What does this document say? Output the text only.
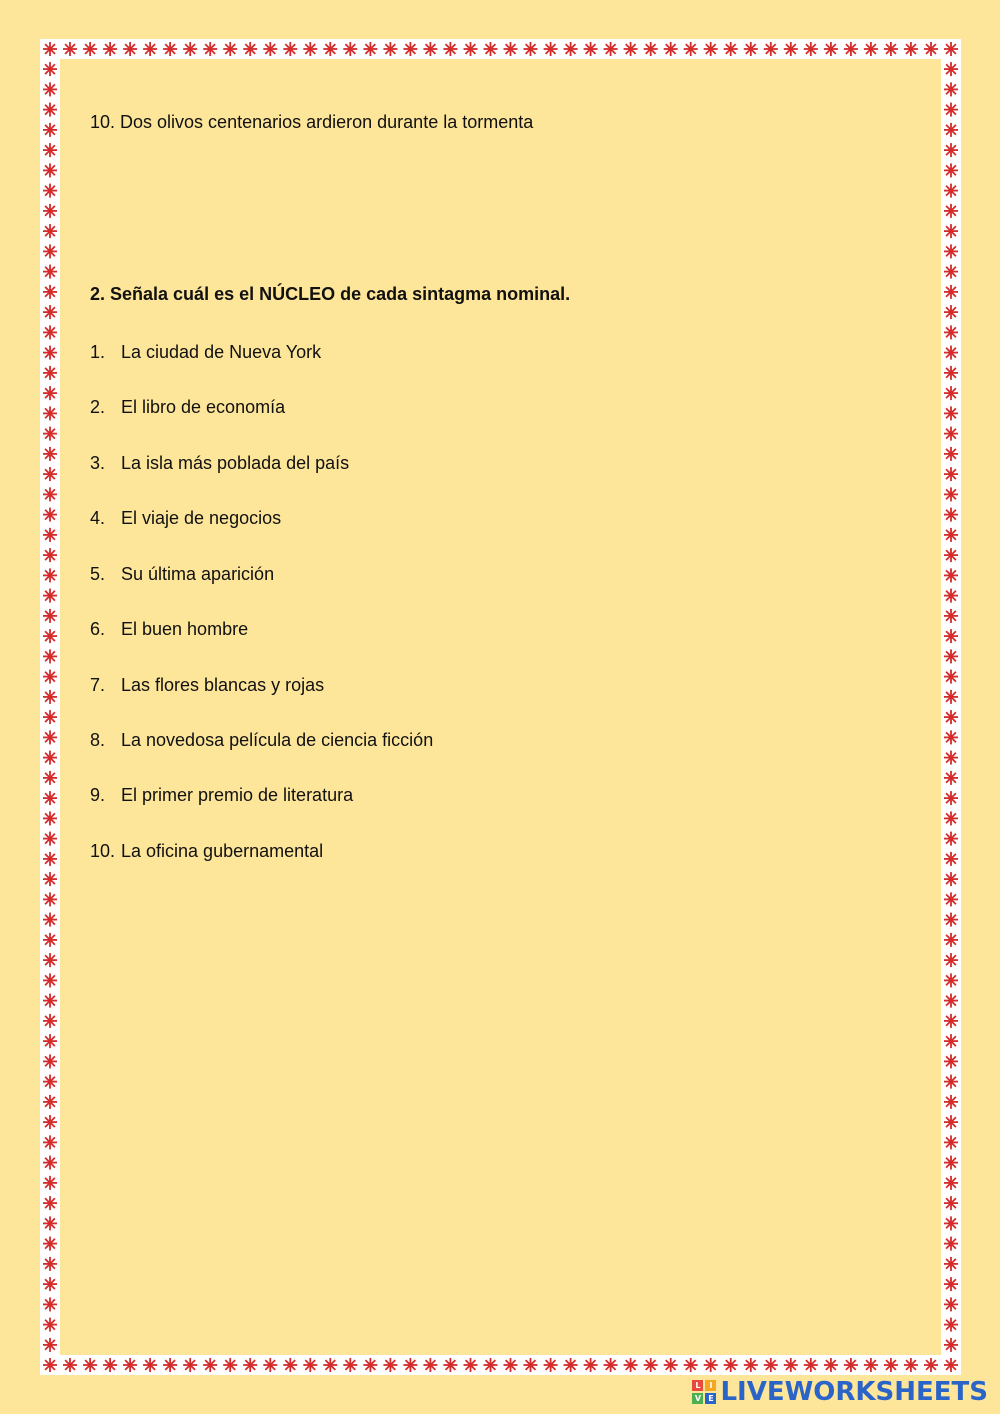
10. Dos olivos centenarios ardieron durante la tormenta
2. Señala cuál es el NÚCLEO de cada sintagma nominal.
1. La ciudad de Nueva York
2. El libro de economía
3. La isla más poblada del país
4. El viaje de negocios
5. Su última aparición
6. El buen hombre
7. Las flores blancas y rojas
8. La novedosa película de ciencia ficción
9. El primer premio de literatura
10. La oficina gubernamental
L	I
V E LIVEWORKSHEETS
